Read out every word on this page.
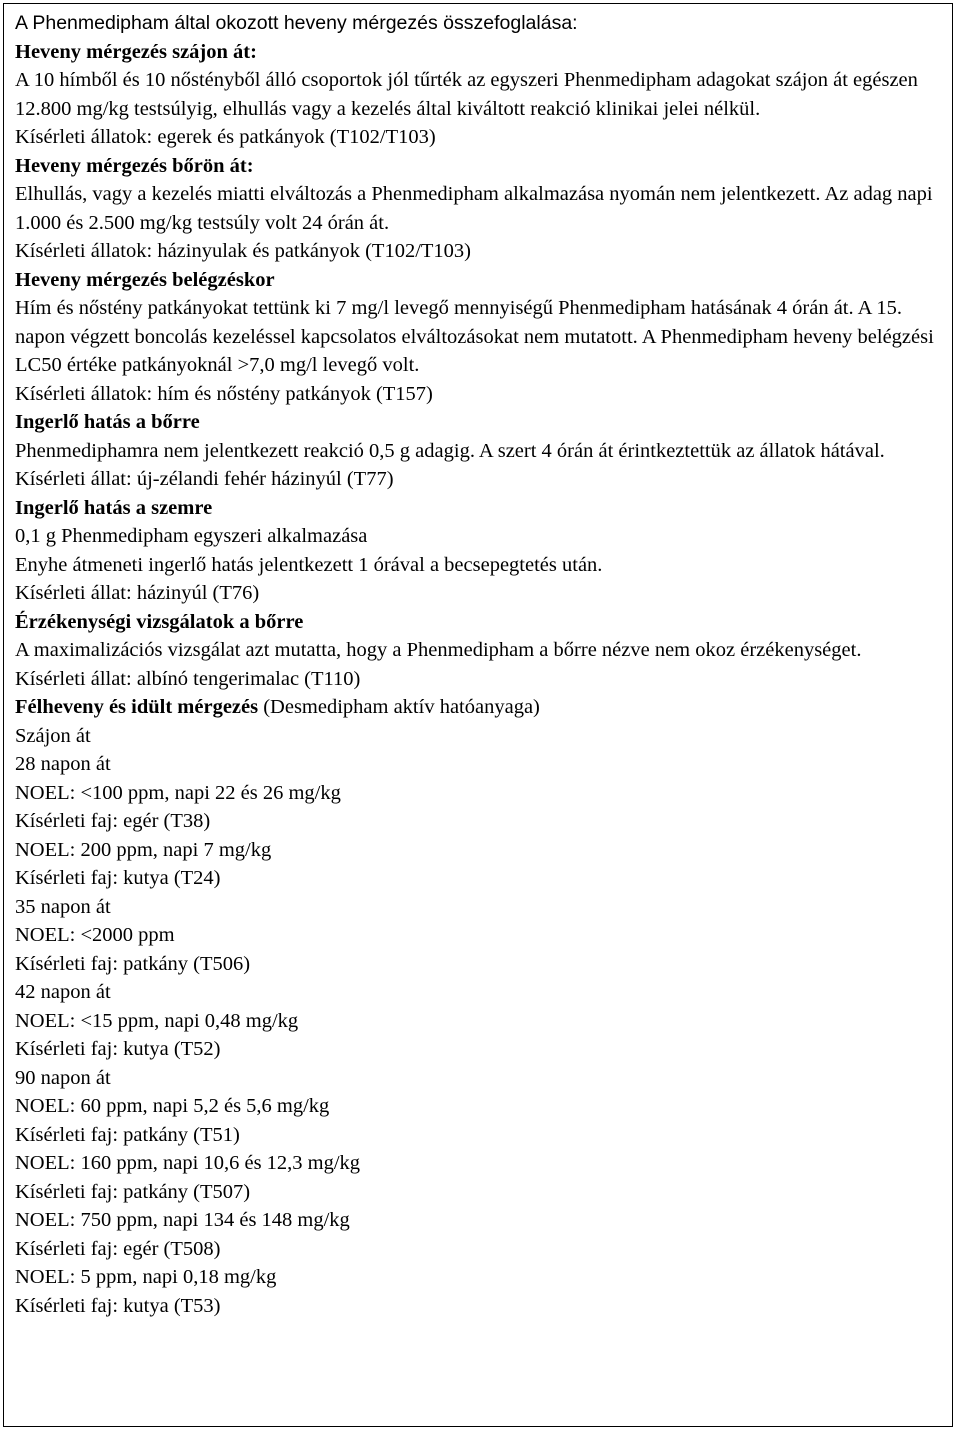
A Phenmedipham által okozott heveny mérgezés összefoglalása:

Heveny mérgezés szájon át:

A 10 hímből és 10 nőstényből álló csoportok jól tűrték az egyszeri Phenmedipham adagokat szájon át egészen 12.800 mg/kg testsúlyig, elhullás vagy a kezelés által kiváltott reakció klinikai jelei nélkül.

Kísérleti állatok: egerek és patkányok (T102/T103)

Heveny mérgezés bőrön át:

Elhullás, vagy a kezelés miatti elváltozás a Phenmedipham alkalmazása nyomán nem jelentkezett. Az adag napi 1.000 és 2.500 mg/kg testsúly volt 24 órán át.

Kísérleti állatok: házinyulak és patkányok (T102/T103)

Heveny mérgezés belégzéskor

Hím és nőstény patkányokat tettünk ki 7 mg/l levegő mennyiségű Phenmedipham hatásának 4 órán át. A 15. napon végzett boncolás kezeléssel kapcsolatos elváltozásokat nem mutatott. A Phenmedipham heveny belégzési LC50 értéke patkányoknál >7,0 mg/l levegő volt.

Kísérleti állatok: hím és nőstény patkányok (T157)

Ingerlő hatás a bőrre

Phenmediphamra nem jelentkezett reakció 0,5 g adagig. A szert 4 órán át érintkeztettük az állatok hátával.

Kísérleti állat: új-zélandi fehér házinyúl (T77)

Ingerlő hatás a szemre

0,1 g Phenmedipham egyszeri alkalmazása

Enyhe átmeneti ingerlő hatás jelentkezett 1 órával a becsepegtetés után.

Kísérleti állat: házinyúl (T76)

Érzékenységi vizsgálatok a bőrre

A maximalizációs vizsgálat azt mutatta, hogy a Phenmedipham a bőrre nézve nem okoz érzékenységet.

Kísérleti állat: albínó tengerimalac (T110)

Félheveny és idült mérgezés (Desmedipham aktív hatóanyaga)

Szájon át

28 napon át

NOEL: <100 ppm, napi 22 és 26 mg/kg

Kísérleti faj: egér (T38)

NOEL: 200 ppm, napi 7 mg/kg

Kísérleti faj: kutya (T24)

35 napon át

NOEL: <2000 ppm

Kísérleti faj: patkány (T506)

42 napon át

NOEL: <15 ppm, napi 0,48 mg/kg

Kísérleti faj: kutya (T52)

90 napon át

NOEL: 60 ppm, napi 5,2 és 5,6 mg/kg

Kísérleti faj: patkány (T51)

NOEL: 160 ppm, napi 10,6 és 12,3 mg/kg

Kísérleti faj: patkány (T507)

NOEL: 750 ppm, napi 134 és 148 mg/kg

Kísérleti faj: egér (T508)

NOEL: 5 ppm, napi 0,18 mg/kg

Kísérleti faj: kutya (T53)
